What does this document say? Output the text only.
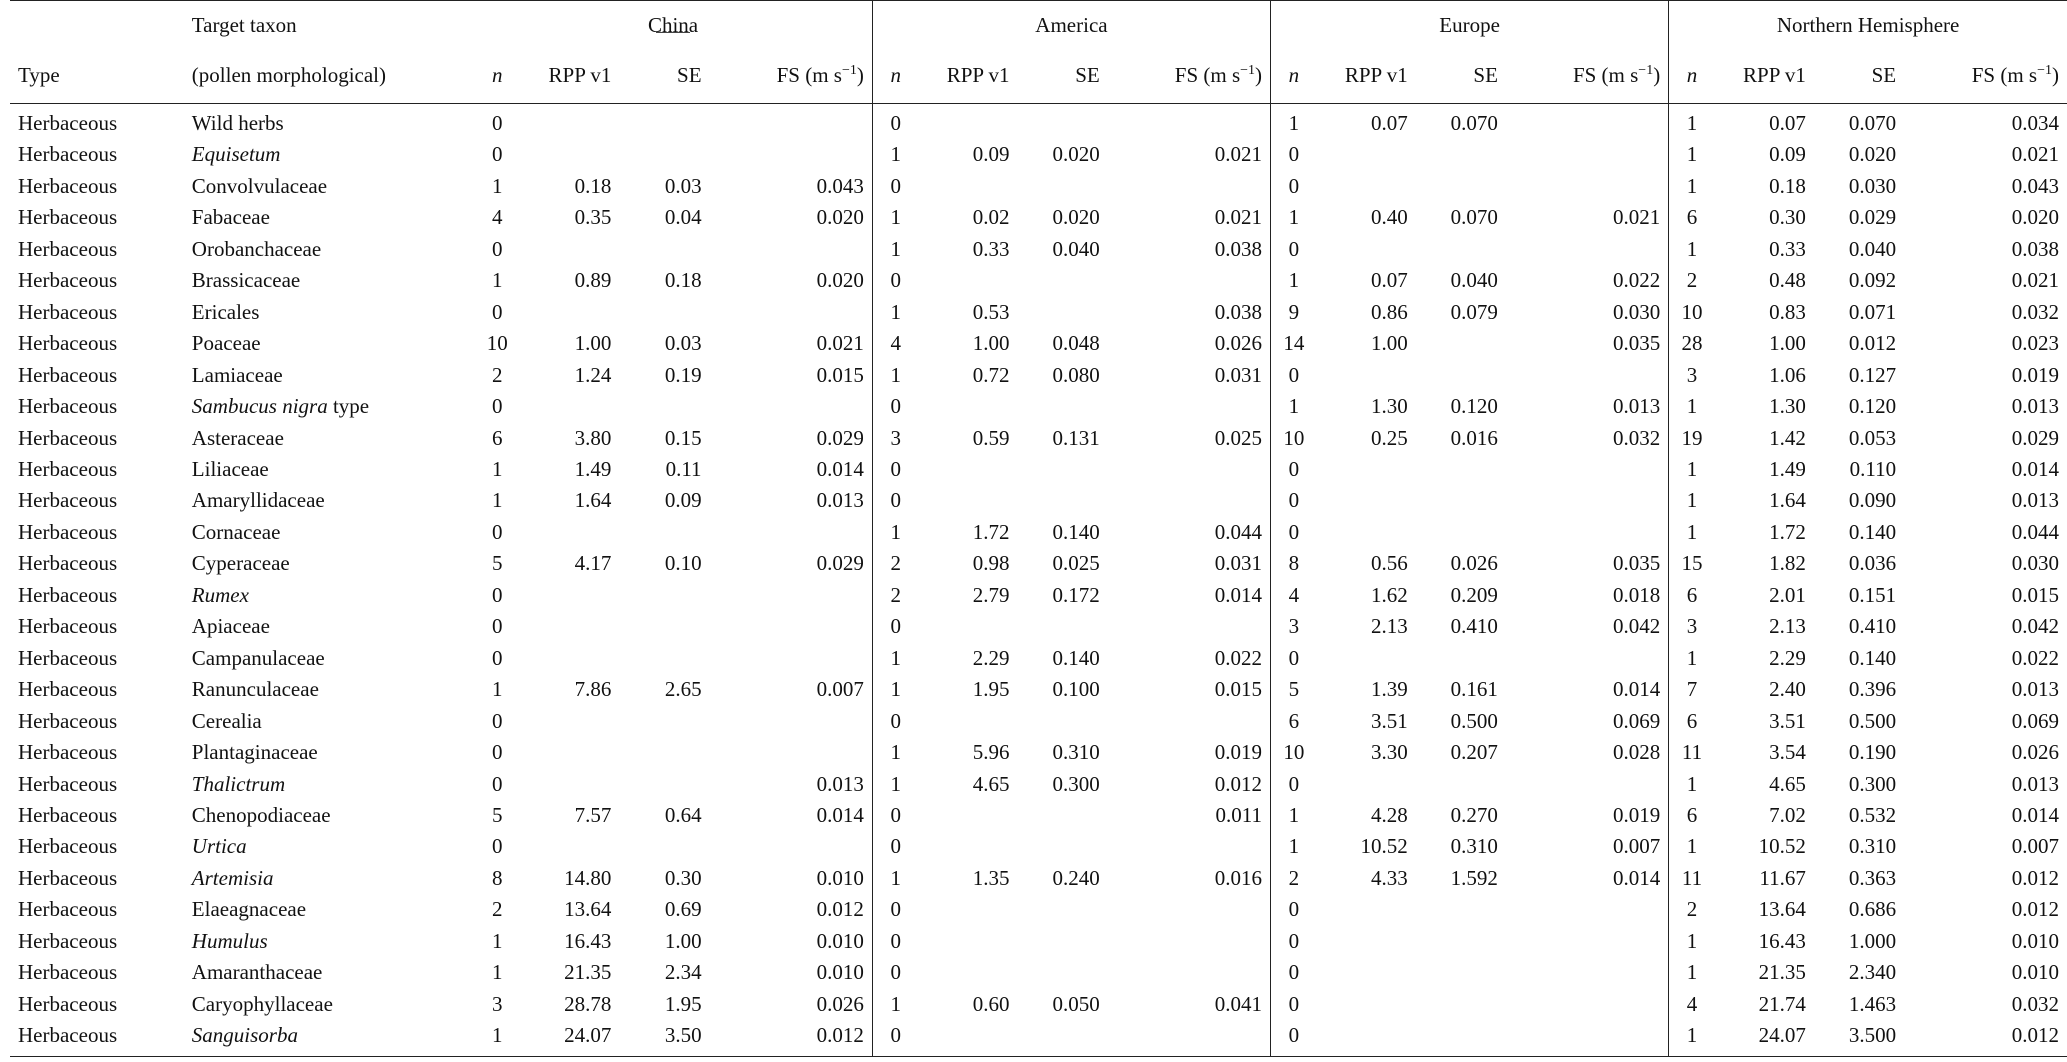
	Target taxon	China				America				Europe				Northern Hemisphere			
Type	(pollen morphological)	n	RPP v1	SE	FS (m $s^{-1}$)	n	RPP v1	SE	FS (m $s^{-1}$)	n	RPP v1	SE	FS (m $s^{-1}$)	n	RPP v1	SE	FS (m $s^{-1}$)
Herbaceous	Wild herbs	0				0				1	0.07	0.070		1	0.07	0.070	0.034
Herbaceous	Equisetum	0				1	0.09	0.020	0.021	0				1	0.09	0.020	0.021
Herbaceous	Convolvulaceae	1	0.18	0.03	0.043	0				0				1	0.18	0.030	0.043
Herbaceous	Fabaceae	4	0.35	0.04	0.020	1	0.02	0.020	0.021	1	0.40	0.070	0.021	6	0.30	0.029	0.020
Herbaceous	Orobanchaceae	0				1	0.33	0.040	0.038	0				1	0.33	0.040	0.038
Herbaceous	Brassicaceae	1	0.89	0.18	0.020	0				1	0.07	0.040	0.022	2	0.48	0.092	0.021
Herbaceous	Ericales	0				1	0.53		0.038	9	0.86	0.079	0.030	10	0.83	0.071	0.032
Herbaceous	Poaceae	10	1.00	0.03	0.021	4	1.00	0.048	0.026	14	1.00		0.035	28	1.00	0.012	0.023
Herbaceous	Lamiaceae	2	1.24	0.19	0.015	1	0.72	0.080	0.031	0				3	1.06	0.127	0.019
Herbaceous	Sambucus nigra type	0				0				1	1.30	0.120	0.013	1	1.30	0.120	0.013
Herbaceous	Asteraceae	6	3.80	0.15	0.029	3	0.59	0.131	0.025	10	0.25	0.016	0.032	19	1.42	0.053	0.029
Herbaceous	Liliaceae	1	1.49	0.11	0.014	0				0				1	1.49	0.110	0.014
Herbaceous	Amaryllidaceae	1	1.64	0.09	0.013	0				0				1	1.64	0.090	0.013
Herbaceous	Cornaceae	0				1	1.72	0.140	0.044	0				1	1.72	0.140	0.044
Herbaceous	Cyperaceae	5	4.17	0.10	0.029	2	0.98	0.025	0.031	8	0.56	0.026	0.035	15	1.82	0.036	0.030
Herbaceous	Rumex	0				2	2.79	0.172	0.014	4	1.62	0.209	0.018	6	2.01	0.151	0.015
Herbaceous	Apiaceae	0				0				3	2.13	0.410	0.042	3	2.13	0.410	0.042
Herbaceous	Campanulaceae	0				1	2.29	0.140	0.022	0				1	2.29	0.140	0.022
Herbaceous	Ranunculaceae	1	7.86	2.65	0.007	1	1.95	0.100	0.015	5	1.39	0.161	0.014	7	2.40	0.396	0.013
Herbaceous	Cerealia	0				0				6	3.51	0.500	0.069	6	3.51	0.500	0.069
Herbaceous	Plantaginaceae	0				1	5.96	0.310	0.019	10	3.30	0.207	0.028	11	3.54	0.190	0.026
Herbaceous	Thalictrum	0			0.013	1	4.65	0.300	0.012	0				1	4.65	0.300	0.013
Herbaceous	Chenopodiaceae	5	7.57	0.64	0.014	0			0.011	1	4.28	0.270	0.019	6	7.02	0.532	0.014
Herbaceous	Urtica	0				0				1	10.52	0.310	0.007	1	10.52	0.310	0.007
Herbaceous	Artemisia	8	14.80	0.30	0.010	1	1.35	0.240	0.016	2	4.33	1.592	0.014	11	11.67	0.363	0.012
Herbaceous	Elaeagnaceae	2	13.64	0.69	0.012	0				0				2	13.64	0.686	0.012
Herbaceous	Humulus	1	16.43	1.00	0.010	0				0				1	16.43	1.000	0.010
Herbaceous	Amaranthaceae	1	21.35	2.34	0.010	0				0				1	21.35	2.340	0.010
Herbaceous	Caryophyllaceae	3	28.78	1.95	0.026	1	0.60	0.050	0.041	0				4	21.74	1.463	0.032
Herbaceous	Sanguisorba	1	24.07	3.50	0.012	0				0				1	24.07	3.500	0.012
